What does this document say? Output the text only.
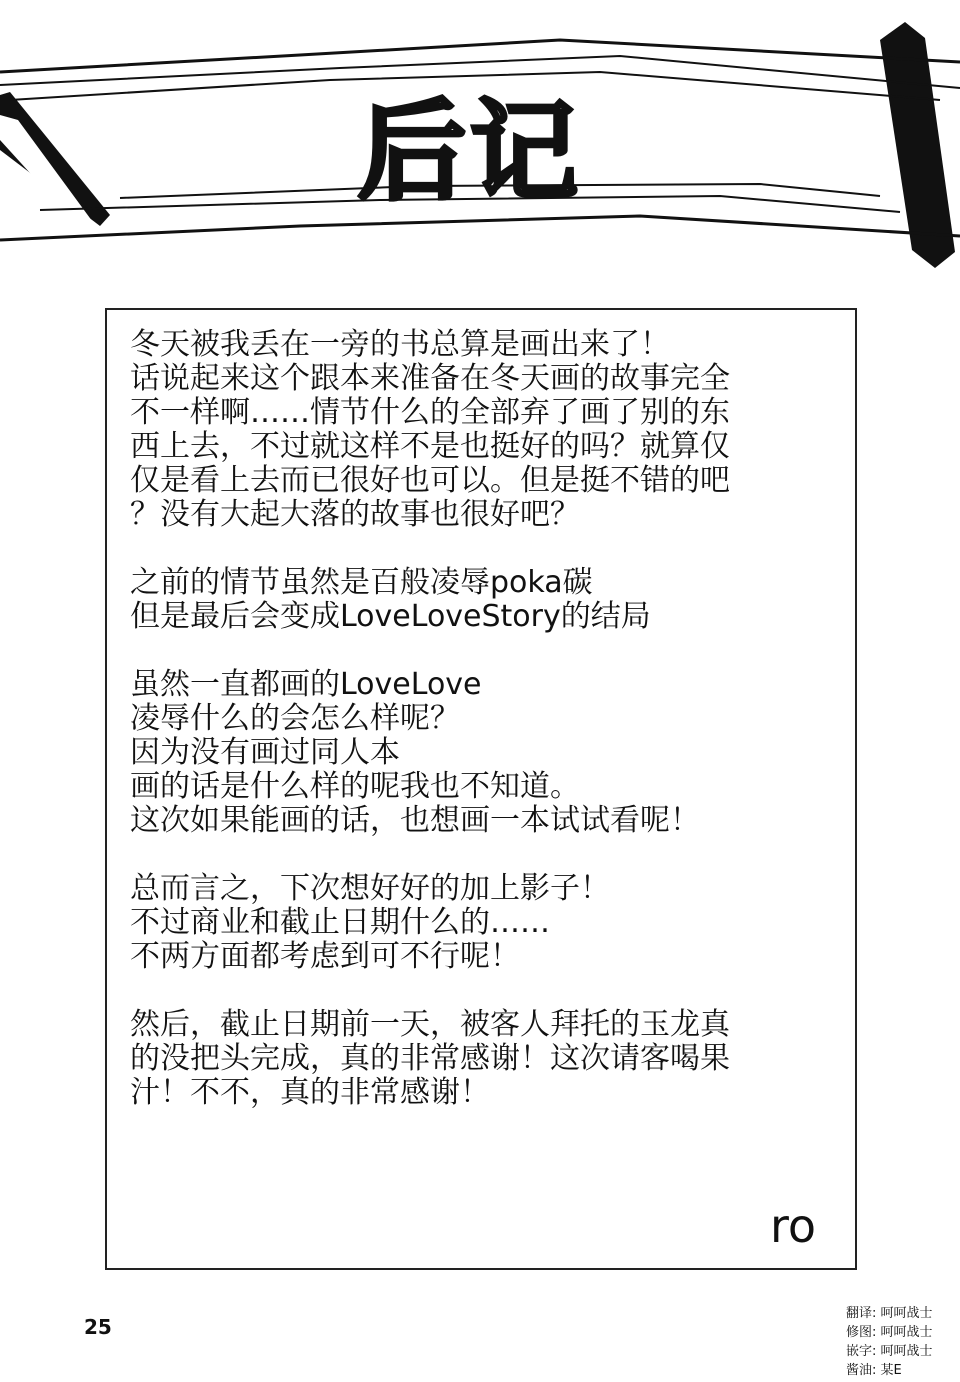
后记

冬天被我丢在一旁的书总算是画出来了！
话说起来这个跟本来准备在冬天画的故事完全
不一样啊……情节什么的全部弃了画了别的东
西上去，不过就这样不是也挺好的吗？就算仅
仅是看上去而已很好也可以。但是挺不错的吧
？没有大起大落的故事也很好吧？

之前的情节虽然是百般凌辱poka碳
但是最后会变成LoveLoveStory的结局

虽然一直都画的LoveLove
凌辱什么的会怎么样呢？
因为没有画过同人本
画的话是什么样的呢我也不知道。
这次如果能画的话，也想画一本试试看呢！

总而言之，下次想好好的加上影子！
不过商业和截止日期什么的……
不两方面都考虑到可不行呢！

然后，截止日期前一天，被客人拜托的玉龙真
的没把头完成，真的非常感谢！这次请客喝果
汁！不不，真的非常感谢！

ro
25
翻译: 呵呵战士
修图: 呵呵战士
嵌字: 呵呵战士
酱油: 某E
